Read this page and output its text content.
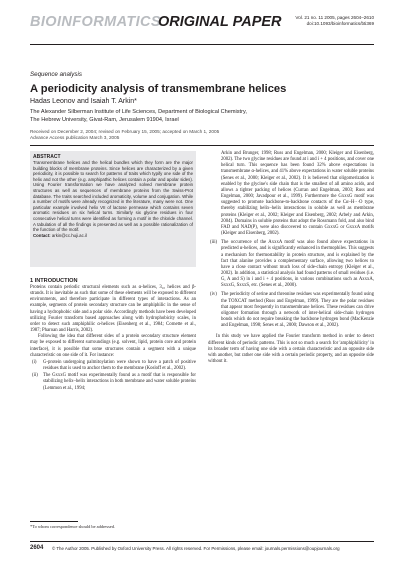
BIOINFORMATICS
ORIGINAL PAPER	Vol. 21 no. 11 2005, pages 2604–2610
doi:10.1093/bioinformatics/bti369
Sequence analysis
A periodicity analysis of transmembrane helices
Hadas Leonov and Isaiah T. Arkin*
The Alexander Silberman Institute of Life Sciences, Department of Biological Chemistry,
The Hebrew University, Givat-Ram, Jerusalem 91904, Israel
Received on December 2, 2004; revised on February 15, 2005; accepted on March 1, 2005
Advance Access publication March 3, 2005
ABSTRACT
Transmembrane helices and the helical bundles which they form are the major building blocks of membrane proteins. Since helices are characterized by a given periodicity, it is possible to search for patterns of traits which typify one side of the helix and not the other (e.g. amphipathic helices contain a polar and apolar sides). Using Fourier transformation we have analyzed solved membrane protein structures as well as sequences of membrane proteins from the Swiss-Prot database. The traits searched included aromaticity, volume and conjugation. While a number of motifs were already recognized in the literature, many were not. One particular example involved helix VII of lactose permease which contains seven aromatic residues on six helical turns. Similarly six glycine residues in four consecutive helical turns were identified as forming a motif in the chloride channel. A tabulation of all the findings is presented as well as a possible rationalization of the function of the motif.
Contact: arkin@cc.huji.ac.il
1 INTRODUCTION

Proteins contain periodic structural elements such as α-helices, 3₁₀ helices and β-strands. It is inevitable as such that some of these elements will be exposed to different environments, and therefore participate in different types of interactions. As an example, segments of protein secondary structure can be amphiphilic in the sense of having a hydrophobic side and a polar side. Accordingly methods have been developed utilizing Fourier transform based approaches along with hydrophobicity scales, in order to detect such amphiphilic α-helices (Eisenberg et al., 1984; Cornette et al., 1987; Pharoan and Harris, 2002).

Following the idea that different sides of a protein secondary structure element may be exposed to different surroundings (e.g. solvent, lipid, protein core and protein interface), it is possible that some structures contain a segment with a unique characteristic on one side of it. For instance:

(i) G-protein undergoing palmitoylation were shown to have a patch of positive residues that is used to anchor them to the membrane (Kosloff et al., 2002).
(ii) The GxxxG motif was experimentally found as a motif that is responsible for stabilizing helix–helix interactions in both membrane and water soluble proteins (Lemmon et al., 1994;
Arkin and Brunger, 1998; Russ and Engelman, 2000; Kleiger and Eisenberg, 2002). The two glycine residues are found at i and i + 4 positions, and cover one helical turn. This sequence has been found 32% above expectations in transmembrane α-helices, and 41% above expectations in water soluble proteins (Senes et al., 2000; Kleiger et al., 2002). It is believed that oligomerization is enabled by the glycine's side chain that is the smallest of all amino acids, and allows a tighter packing of helices (Curran and Engelman, 2003; Russ and Engelman, 2000; Javadpour et al., 1999). Furthermore the GxxxG motif was suggested to promote backbone-to-backbone contacts of the Cα–H···O type, thereby stabilizing helix–helix interactions in soluble as well as membrane proteins (Kleiger et al., 2002; Kleiger and Eisenberg, 2002; Arbely and Arkin, 2004). Domains in soluble proteins that adopt the Rossmann fold, and also bind FAD and NAD(P), were also discovered to contain GxxxG or GxxxA motifs (Kleiger and Eisenberg, 2002).
(iii) The occurrence of the AxxxA motif was also found above expectations in predicted α-helices, and is significantly enhanced in thermophiles. This suggests a mechanism for thermostability in protein structure, and is explained by the fact that alanine provides a complementary surface, allowing two helices to have a close contact without much loss of side-chain entropy (Kleiger et al., 2002). In addition, a statistical analysis had found patterns of small residues (i.e. G, A and S) in i and i + 4 positions, in various combinations such as AxxxA, SxxxG, SxxxS, etc. (Senes et al., 2000).
(iv) The periodicity of serine and threonine residues was experimentally found using the TOXCAT method (Russ and Engelman, 1999). They are the polar residues that appear most frequently in transmembrane helices. These residues can drive oligomer formation through a network of inter-helical side-chain hydrogen bonds which do not require breaking the backbone hydrogen bond (MacKenzie and Engelman, 1998; Senes et al., 2000; Dawson et al., 2002).

In this study we have applied the Fourier transform method in order to detect different kinds of periodic patterns. This is not so much a search for 'amphiphilicity' in its broader term of having one side with a certain characteristic and an opposite side with another, but rather one side with a certain periodic property, and an opposite side without it.

*To whom correspondence should be addressed.
2604 © The Author 2005. Published by Oxford University Press. All rights reserved. For Permissions, please email: journals.permissions@oupjournals.org
